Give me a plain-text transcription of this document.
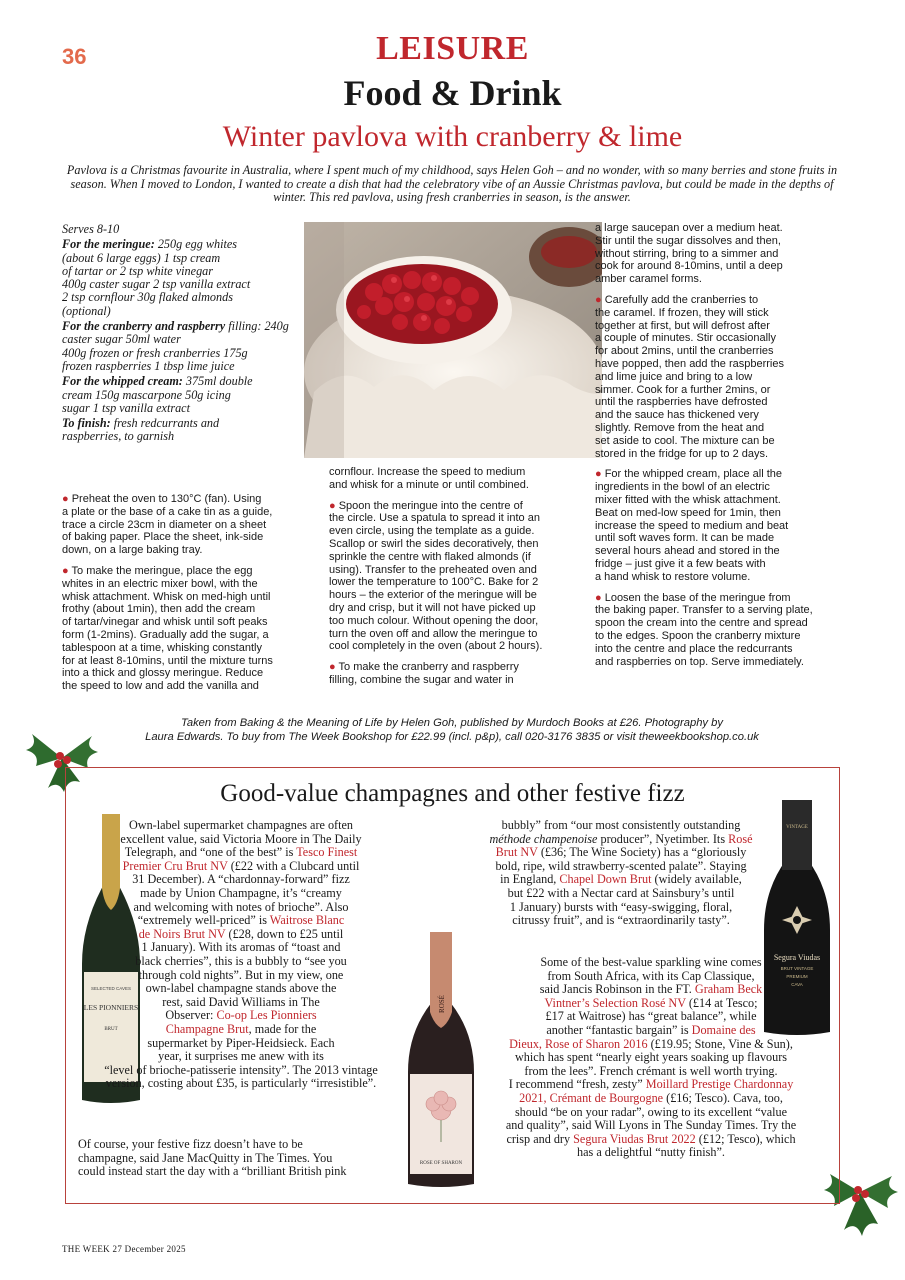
36	LEISURE
Food & Drink
Winter pavlova with cranberry & lime
Pavlova is a Christmas favourite in Australia, where I spent much of my childhood, says Helen Goh – and no wonder, with so many berries and stone fruits in season. When I moved to London, I wanted to create a dish that had the celebratory vibe of an Aussie Christmas pavlova, but could be made in the depths of winter. This red pavlova, using fresh cranberries in season, is the answer.
Serves 8-10
For the meringue: 250g egg whites
(about 6 large eggs) 1 tsp cream
of tartar or 2 tsp white vinegar
400g caster sugar 2 tsp vanilla extract
2 tsp cornflour 30g flaked almonds
(optional)
For the cranberry and raspberry filling: 240g caster sugar 50ml water
400g frozen or fresh cranberries 175g
frozen raspberries 1 tbsp lime juice
For the whipped cream: 375ml double
cream 150g mascarpone 50g icing
sugar 1 tsp vanilla extract
To finish: fresh redcurrants and
raspberries, to garnish
● Preheat the oven to 130°C (fan). Using
a plate or the base of a cake tin as a guide,
trace a circle 23cm in diameter on a sheet
of baking paper. Place the sheet, ink-side
down, on a large baking tray.
● To make the meringue, place the egg
whites in an electric mixer bowl, with the
whisk attachment. Whisk on med-high until
frothy (about 1min), then add the cream
of tartar/vinegar and whisk until soft peaks
form (1-2mins). Gradually add the sugar, a
tablespoon at a time, whisking constantly
for at least 8-10mins, until the mixture turns
into a thick and glossy meringue. Reduce
the speed to low and add the vanilla and
cornflour. Increase the speed to medium
and whisk for a minute or until combined.
● Spoon the meringue into the centre of
the circle. Use a spatula to spread it into an
even circle, using the template as a guide.
Scallop or swirl the sides decoratively, then
sprinkle the centre with flaked almonds (if
using). Transfer to the preheated oven and
lower the temperature to 100°C. Bake for 2
hours – the exterior of the meringue will be
dry and crisp, but it will not have picked up
too much colour. Without opening the door,
turn the oven off and allow the meringue to
cool completely in the oven (about 2 hours).
● To make the cranberry and raspberry
filling, combine the sugar and water in
a large saucepan over a medium heat.
Stir until the sugar dissolves and then,
without stirring, bring to a simmer and
cook for around 8-10mins, until a deep
amber caramel forms.
● Carefully add the cranberries to
the caramel. If frozen, they will stick
together at first, but will defrost after
a couple of minutes. Stir occasionally
for about 2mins, until the cranberries
have popped, then add the raspberries
and lime juice and bring to a low
simmer. Cook for a further 2mins, or
until the raspberries have defrosted
and the sauce has thickened very
slightly. Remove from the heat and
set aside to cool. The mixture can be
stored in the fridge for up to 2 days.
● For the whipped cream, place all the
ingredients in the bowl of an electric
mixer fitted with the whisk attachment.
Beat on med-low speed for 1min, then
increase the speed to medium and beat
until soft waves form. It can be made
several hours ahead and stored in the
fridge – just give it a few beats with
a hand whisk to restore volume.
● Loosen the base of the meringue from
the baking paper. Transfer to a serving plate,
spoon the cream into the centre and spread
to the edges. Spoon the cranberry mixture
into the centre and place the redcurrants
and raspberries on top. Serve immediately.
Taken from Baking & the Meaning of Life by Helen Goh, published by Murdoch Books at £26. Photography by
Laura Edwards. To buy from The Week Bookshop for £22.99 (incl. p&p), call 020-3176 3835 or visit theweekbookshop.co.uk
Good-value champagnes and other festive fizz
SELECTED CAVES
LES PIONNIERS
BRUT
ROSÉ
ROSE OF SHARON
VINTAGE
Segura Viudas
BRUT VINTAGE
PREMIUM
CAVA
Own-label supermarket champagnes are often
excellent value, said Victoria Moore in The Daily
Telegraph, and “one of the best” is Tesco Finest
Premier Cru Brut NV (£22 with a Clubcard until
31 December). A “chardonnay-forward” fizz
made by Union Champagne, it’s “creamy
and welcoming with notes of brioche”. Also
“extremely well-priced” is Waitrose Blanc
de Noirs Brut NV (£28, down to £25 until
1 January). With its aromas of “toast and
black cherries”, this is a bubbly to “see you
through cold nights”. But in my view, one
own-label champagne stands above the
rest, said David Williams in The
Observer: Co-op Les Pionniers
Champagne Brut, made for the
supermarket by Piper-Heidsieck. Each
year, it surprises me anew with its
“level of brioche-patisserie intensity”. The 2013 vintage
version, costing about £35, is particularly “irresistible”.
Of course, your festive fizz doesn’t have to be
champagne, said Jane MacQuitty in The Times. You
could instead start the day with a “brilliant British pink
bubbly” from “our most consistently outstanding
méthode champenoise producer”, Nyetimber. Its Rosé
Brut NV (£36; The Wine Society) has a “gloriously
bold, ripe, wild strawberry-scented palate”. Staying
in England, Chapel Down Brut (widely available,
but £22 with a Nectar card at Sainsbury’s until
1 January) bursts with “easy-swigging, floral,
citrussy fruit”, and is “extraordinarily tasty”.
Some of the best-value sparkling wine comes
from South Africa, with its Cap Classique,
said Jancis Robinson in the FT. Graham Beck
Vintner’s Selection Rosé NV (£14 at Tesco;
£17 at Waitrose) has “great balance”, while
another “fantastic bargain” is Domaine des
Dieux, Rose of Sharon 2016 (£19.95; Stone, Vine & Sun),
which has spent “nearly eight years soaking up flavours
from the lees”. French crémant is well worth trying.
I recommend “fresh, zesty” Moillard Prestige Chardonnay
2021, Crémant de Bourgogne (£16; Tesco). Cava, too,
should “be on your radar”, owing to its excellent “value
and quality”, said Will Lyons in The Sunday Times. Try the
crisp and dry Segura Viudas Brut 2022 (£12; Tesco), which
has a delightful “nutty finish”.
THE WEEK 27 December 2025
